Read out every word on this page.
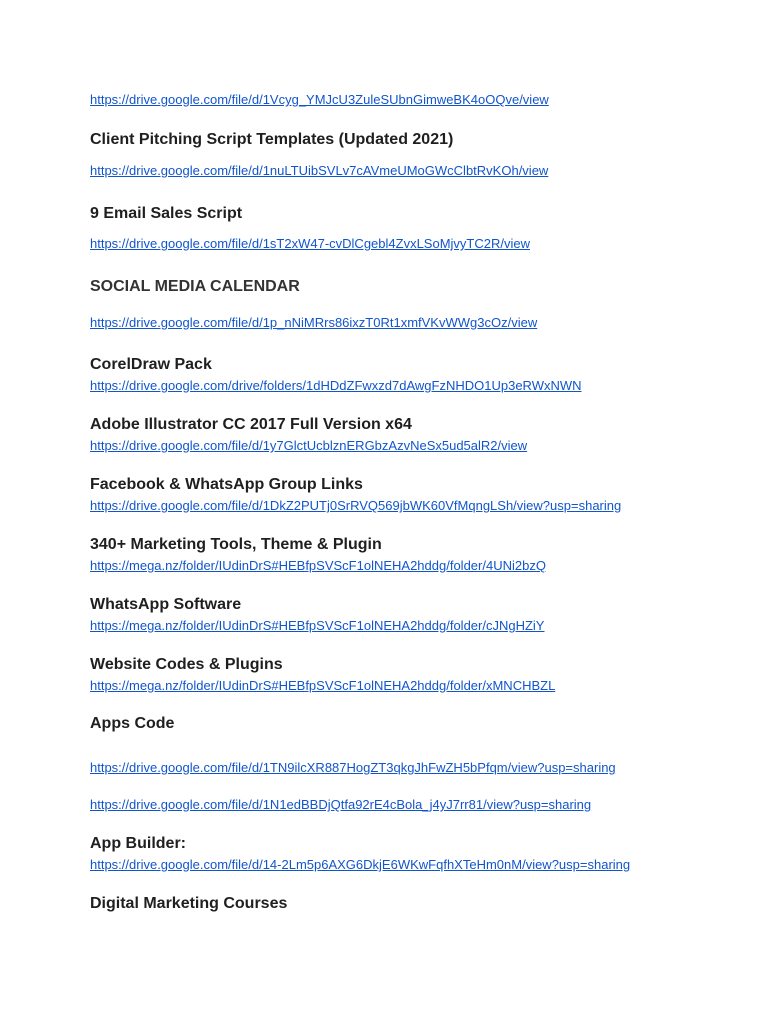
https://drive.google.com/file/d/1Vcyg_YMJcU3ZuleSUbnGimweBK4oOQve/view
Client Pitching Script Templates (Updated 2021)
https://drive.google.com/file/d/1nuLTUibSVLv7cAVmeUMoGWcClbtRvKOh/view
9 Email Sales Script
https://drive.google.com/file/d/1sT2xW47-cvDlCgebl4ZvxLSoMjvyTC2R/view
SOCIAL MEDIA CALENDAR
https://drive.google.com/file/d/1p_nNiMRrs86ixzT0Rt1xmfVKvWWg3cOz/view
CorelDraw Pack
https://drive.google.com/drive/folders/1dHDdZFwxzd7dAwgFzNHDO1Up3eRWxNWN
Adobe Illustrator CC 2017 Full Version x64
https://drive.google.com/file/d/1y7GlctUcblznERGbzAzvNeSx5ud5alR2/view
Facebook & WhatsApp Group Links
https://drive.google.com/file/d/1DkZ2PUTj0SrRVQ569jbWK60VfMqngLSh/view?usp=sharing
340+ Marketing Tools, Theme & Plugin
https://mega.nz/folder/IUdinDrS#HEBfpSVScF1olNEHA2hddg/folder/4UNi2bzQ
WhatsApp Software
https://mega.nz/folder/IUdinDrS#HEBfpSVScF1olNEHA2hddg/folder/cJNgHZiY
Website Codes & Plugins
https://mega.nz/folder/IUdinDrS#HEBfpSVScF1olNEHA2hddg/folder/xMNCHBZL
Apps Code
https://drive.google.com/file/d/1TN9ilcXR887HogZT3qkgJhFwZH5bPfqm/view?usp=sharing
https://drive.google.com/file/d/1N1edBBDjQtfa92rE4cBola_j4yJ7rr81/view?usp=sharing
App Builder:
https://drive.google.com/file/d/14-2Lm5p6AXG6DkjE6WKwFqfhXTeHm0nM/view?usp=sharing
Digital Marketing Courses
